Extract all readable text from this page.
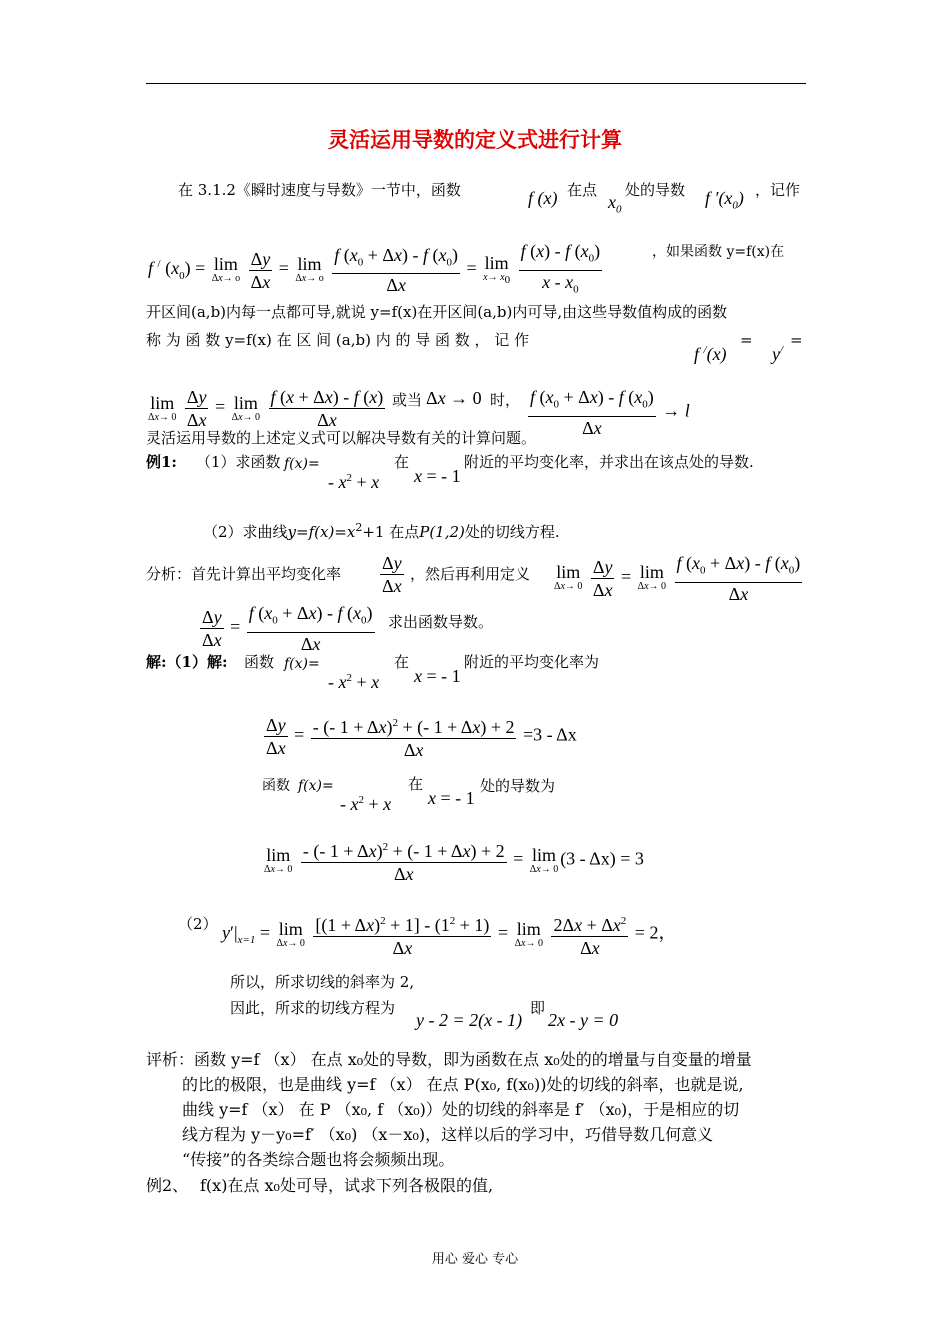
灵活运用导数的定义式进行计算
在 3.1.2《瞬时速度与导数》一节中，函数	f (x) 在点
$x_0$
处的导数 f $'(x_0)$ ，记作
f / $(x_0) = \lim$
Δx→ o
$\frac{\Delta y}{\Delta x} = \lim$
Δx→ o
$\frac{f (x_0 + \Delta x) - f (x_0)}{\Delta x} = \lim$
$x\to x_0$
$\frac{f (x) - f (x_0)}{x - x_0}$	，如果函数 y=f(x)在
开区间(a,b)内每一点都可导,就说 y=f(x)在开区间(a,b)内可导,由这些导数值构成的函数
称 为 函 数 y=f(x) 在 区 间 (a,b) 内 的 导 函 数 ， 记 作
f /(x)
=
y/
=
lim
Δx→ 0
$\frac{\Delta y}{\Delta x} = \lim$
Δx→ 0
$\frac{f (x + \Delta x) - f (x)}{\Delta x}$ 或当 Δx → 0 时， $\frac{f (x_0 + \Delta x) - f (x_0)}{\Delta x} \to l$
灵活运用导数的上述定义式可以解决导数有关的计算问题。
例1: （1）求函数 f(x)=
- $x^2 + x$
在
x = - 1
附近的平均变化率，并求出在该点处的导数.
（2）求曲线$y=f(x)=x^2+1$ 在点P(1,2)处的切线方程.
分析：首先计算出平均变化率 $\frac{\Delta y}{\Delta x}$ ，然后再利用定义 lim
Δx→ 0
$\frac{\Delta y}{\Delta x} = \lim$
Δx→ 0
$\frac{f (x_0 + \Delta x) - f (x_0)}{\Delta x}$
$\frac{\Delta y}{\Delta x} = \frac{f (x_0 + \Delta x) - f (x_0)}{\Delta x}$ 求出函数导数。
解:（1）解: 函数 f(x)=
- $x^2 + x$
在
x = - 1
附近的平均变化率为
$\frac{\Delta y}{\Delta x} = \frac{- (- 1 + \Delta x)^2 + (- 1 + \Delta x) + 2}{\Delta x} =3 - \Delta x$
函数 f(x)=
- $x^2 + x$
在
x = - 1
处的导数为
lim
Δx→ 0
$\frac{- (- 1 + \Delta x)^2 + (- 1 + \Delta x) + 2}{\Delta x} = \lim$
Δx→ 0
(3 - Δx) = 3
（2） $y'|_{x=1} = \lim$
Δx→ 0
$\frac{[(1 + \Delta x)^2 + 1] - (1^2 + 1)}{\Delta x} = \lim$
Δx→ 0
$\frac{2\Delta x + \Delta x^2}{\Delta x} = 2$，
所以，所求切线的斜率为 2,
因此，所求的切线方程为
y - 2 = 2(x - 1)
即
2x - y = 0
评析：函数 y=f （x） 在点 x₀处的导数，即为函数在点 x₀处的的增量与自变量的增量
的比的极限，也是曲线 y=f （x） 在点 P(x₀, f(x₀))处的切线的斜率，也就是说,
曲线 y=f （x） 在 P （x₀, f （x₀)）处的切线的斜率是 f′ （x₀)，于是相应的切
线方程为 y－y₀=f′ （x₀) （x－x₀)，这样以后的学习中，巧借导数几何意义
“传接”的各类综合题也将会频频出现。
例2、 f(x)在点 x₀处可导，试求下列各极限的值,
用心 爱心 专心
